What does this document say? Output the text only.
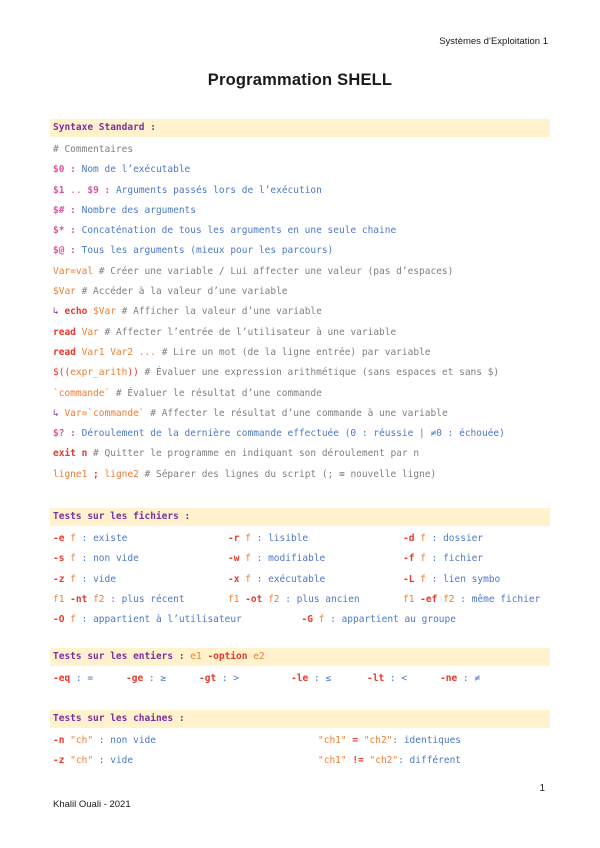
Systèmes d’Exploitation 1
Programmation SHELL
Syntaxe Standard :
# Commentaires
$0 : Nom de l’exécutable
$1 .. $9 : Arguments passés lors de l’exécution
$# : Nombre des arguments
$* : Concaténation de tous les arguments en une seule chaine
$@ : Tous les arguments (mieux pour les parcours)
Var=val # Créer une variable / Lui affecter une valeur (pas d’espaces)
$Var # Accéder à la valeur d’une variable
↳ echo $Var # Afficher la valeur d’une variable
read Var # Affecter l’entrée de l’utilisateur à une variable
read Var1 Var2 ... # Lire un mot (de la ligne entrée) par variable
$((expr_arith)) # Évaluer une expression arithmétique (sans espaces et sans $)
`commande` # Évaluer le résultat d’une commande
↳ Var=`commande` # Affecter le résultat d’une commande à une variable
$? : Déroulement de la dernière commande effectuée (0 : réussie | ≠0 : échouée)
exit n # Quitter le programme en indiquant son déroulement par n
ligne1 ; ligne2 # Séparer des lignes du script (; ≡ nouvelle ligne)
Tests sur les fichiers :
-e f : existe	-r f : lisible	-d f : dossier
-s f : non vide	-w f : modifiable	-f f : fichier
-z f : vide	-x f : exécutable	-L f : lien symbo
f1 -nt f2 : plus récent	f1 -ot f2 : plus ancien	f1 -ef f2 : même fichier
-O f : appartient à l’utilisateur	-G f : appartient au groupe
Tests sur les entiers : e1 -option e2
-eq : =	-ge : ≥	-gt : >	-le : ≤	-lt : <	-ne : ≠
Tests sur les chaines :
-n "ch" : non vide	"ch1" = "ch2": identiques
-z "ch" : vide	"ch1" != "ch2": différent
1
Khalil Ouali - 2021
